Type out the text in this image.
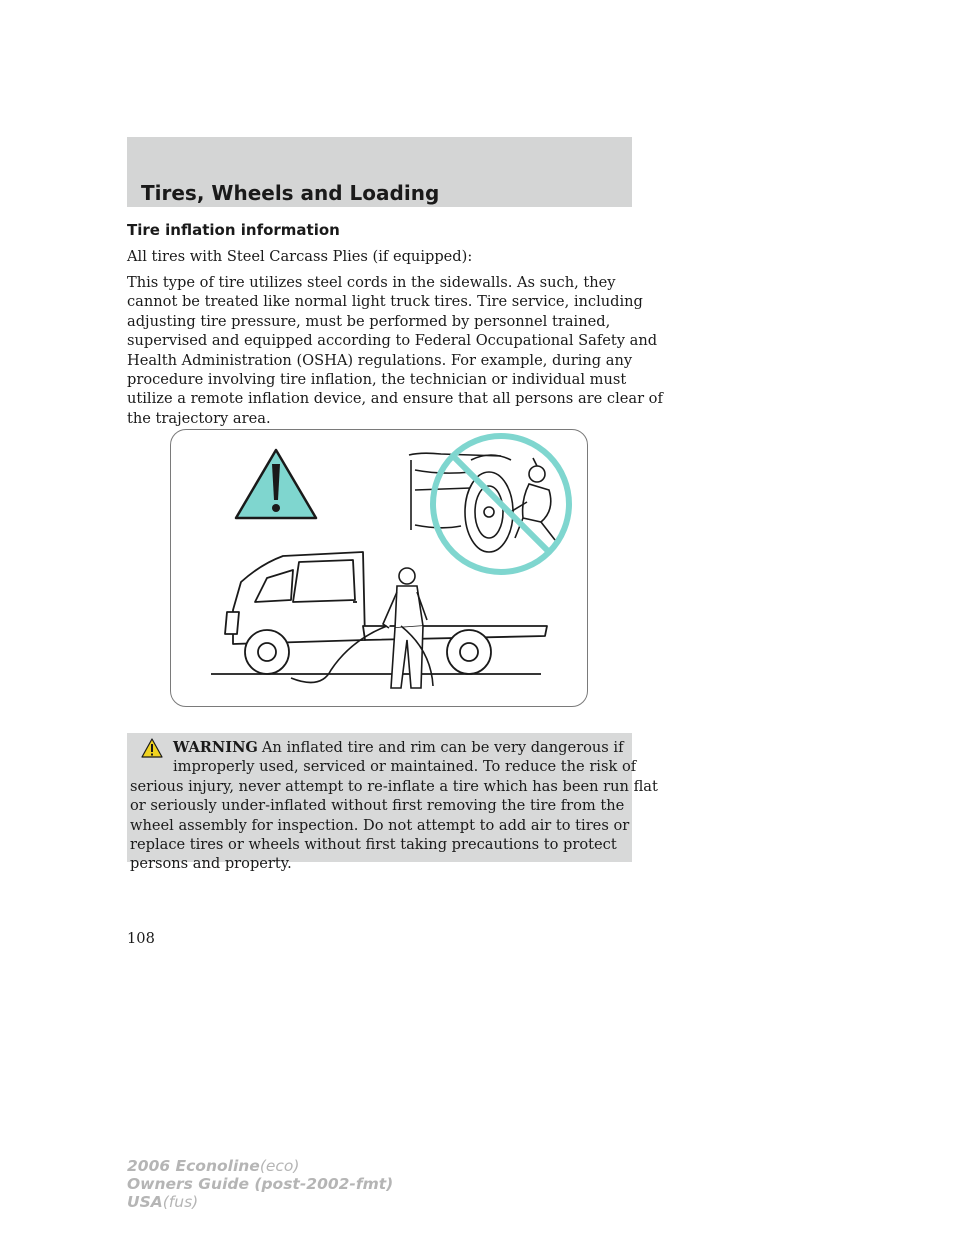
Tires, Wheels and Loading
Tire inflation information

All tires with Steel Carcass Plies (if equipped):

This type of tire utilizes steel cords in the sidewalls. As such, they
cannot be treated like normal light truck tires. Tire service, including
adjusting tire pressure, must be performed by personnel trained,
supervised and equipped according to Federal Occupational Safety and
Health Administration (OSHA) regulations. For example, during any
procedure involving tire inflation, the technician or individual must
utilize a remote inflation device, and ensure that all persons are clear of
the trajectory area.

WARNING An inflated tire and rim can be very dangerous if
improperly used, serviced or maintained. To reduce the risk of
serious injury, never attempt to re-inflate a tire which has been run flat
or seriously under-inflated without first removing the tire from the
wheel assembly for inspection. Do not attempt to add air to tires or
replace tires or wheels without first taking precautions to protect
persons and property.

108

2006 Econoline(eco)
Owners Guide (post-2002-fmt)
USA(fus)
